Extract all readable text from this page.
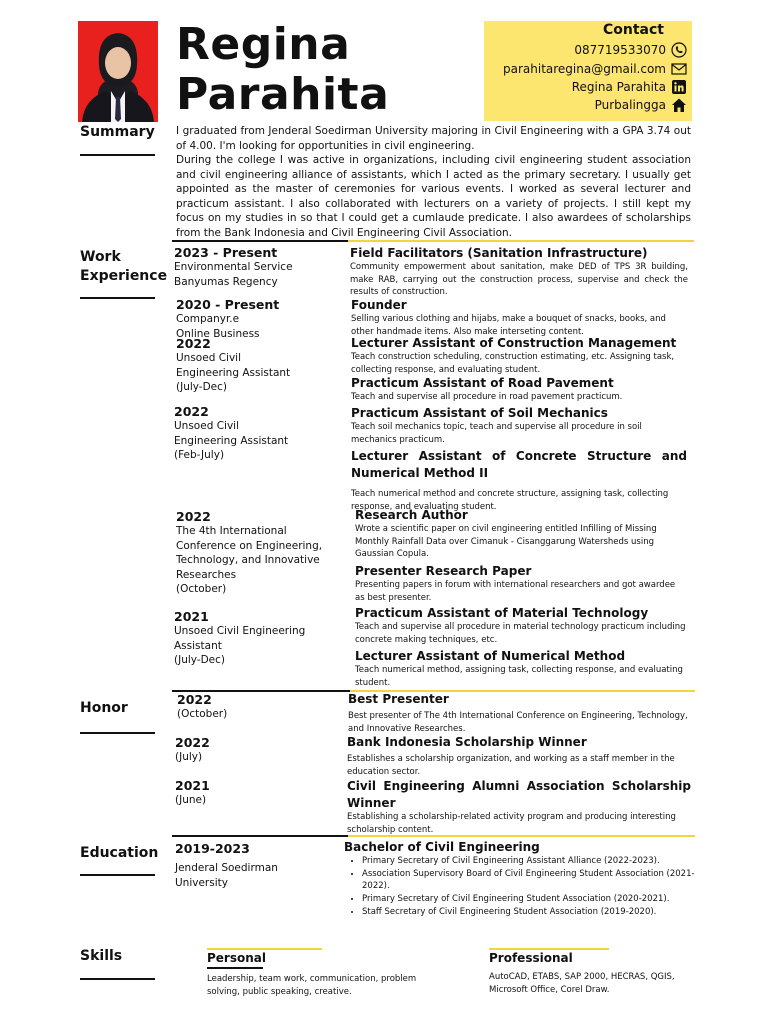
Regina
Parahita
Contact
087719533070
parahitaregina@gmail.com
Regina Parahita
Purbalingga
Summary I graduated from Jenderal Soedirman University majoring in Civil Engineering with a GPA 3.74 out of 4.00. I'm looking for opportunities in civil engineering.

During the college I was active in organizations, including civil engineering student association and civil engineering alliance of assistants, which I acted as the primary secretary. I usually get appointed as the master of ceremonies for various events. I worked as several lecturer and practicum assistant. I also collaborated with lecturers on a variety of projects. I still kept my focus on my studies in so that I could get a cumlaude predicate. I also awardees of scholarships from the Bank Indonesia and Civil Engineering Civil Association.

Work
Experience
2023 - Present
Environmental Service
Banyumas Regency
2020 - Present
Companyr.e
Online Business
2022
Unsoed Civil
Engineering Assistant
(July-Dec)
2022
Unsoed Civil
Engineering Assistant
(Feb-July)
2022
The 4th International
Conference on Engineering,
Technology, and Innovative
Researches
(October)
2021
Unsoed Civil Engineering
Assistant
(July-Dec)
Field Facilitators (Sanitation Infrastructure)
Community empowerment about sanitation, make DED of TPS 3R building, make RAB, carrying out the construction process, supervise and check the results of construction.
Founder
Selling various clothing and hijabs, make a bouquet of snacks, books, and other handmade items. Also make interseting content.
Lecturer Assistant of Construction Management
Teach construction scheduling, construction estimating, etc. Assigning task, collecting response, and evaluating student.
Practicum Assistant of Road Pavement
Teach and supervise all procedure in road pavement practicum.
Practicum Assistant of Soil Mechanics
Teach soil mechanics topic, teach and supervise all procedure in soil mechanics practicum.
Lecturer Assistant of Concrete Structure and Numerical Method II
Teach numerical method and concrete structure, assigning task, collecting response, and evaluating student.
Research Author
Wrote a scientific paper on civil engineering entitled Infilling of Missing Monthly Rainfall Data over Cimanuk - Cisanggarung Watersheds using Gaussian Copula.
Presenter Research Paper
Presenting papers in forum with international researchers and got awardee as best presenter.
Practicum Assistant of Material Technology
Teach and supervise all procedure in material technology practicum including concrete making techniques, etc.
Lecturer Assistant of Numerical Method
Teach numerical method, assigning task, collecting response, and evaluating student.
Honor
2022
(October)
Best Presenter
Best presenter of The 4th International Conference on Engineering, Technology, and Innovative Researches.
2022
(July)
Bank Indonesia Scholarship Winner
Establishes a scholarship organization, and working as a staff member in the education sector.
2021
(June)
Civil Engineering Alumni Association Scholarship Winner
Establishing a scholarship-related activity program and producing interesting scholarship content.
Education 2019-2023
Jenderal Soedirman
University
Bachelor of Civil Engineering
• Primary Secretary of Civil Engineering Assistant Alliance (2022-2023).
• Association Supervisory Board of Civil Engineering Student Association (2021-2022).
• Primary Secretary of Civil Engineering Student Association (2020-2021).
• Staff Secretary of Civil Engineering Student Association (2019-2020).
Skills	Personal
Leadership, team work, communication, problem solving, public speaking, creative.
Professional
AutoCAD, ETABS, SAP 2000, HECRAS, QGIS, Microsoft Office, Corel Draw.
